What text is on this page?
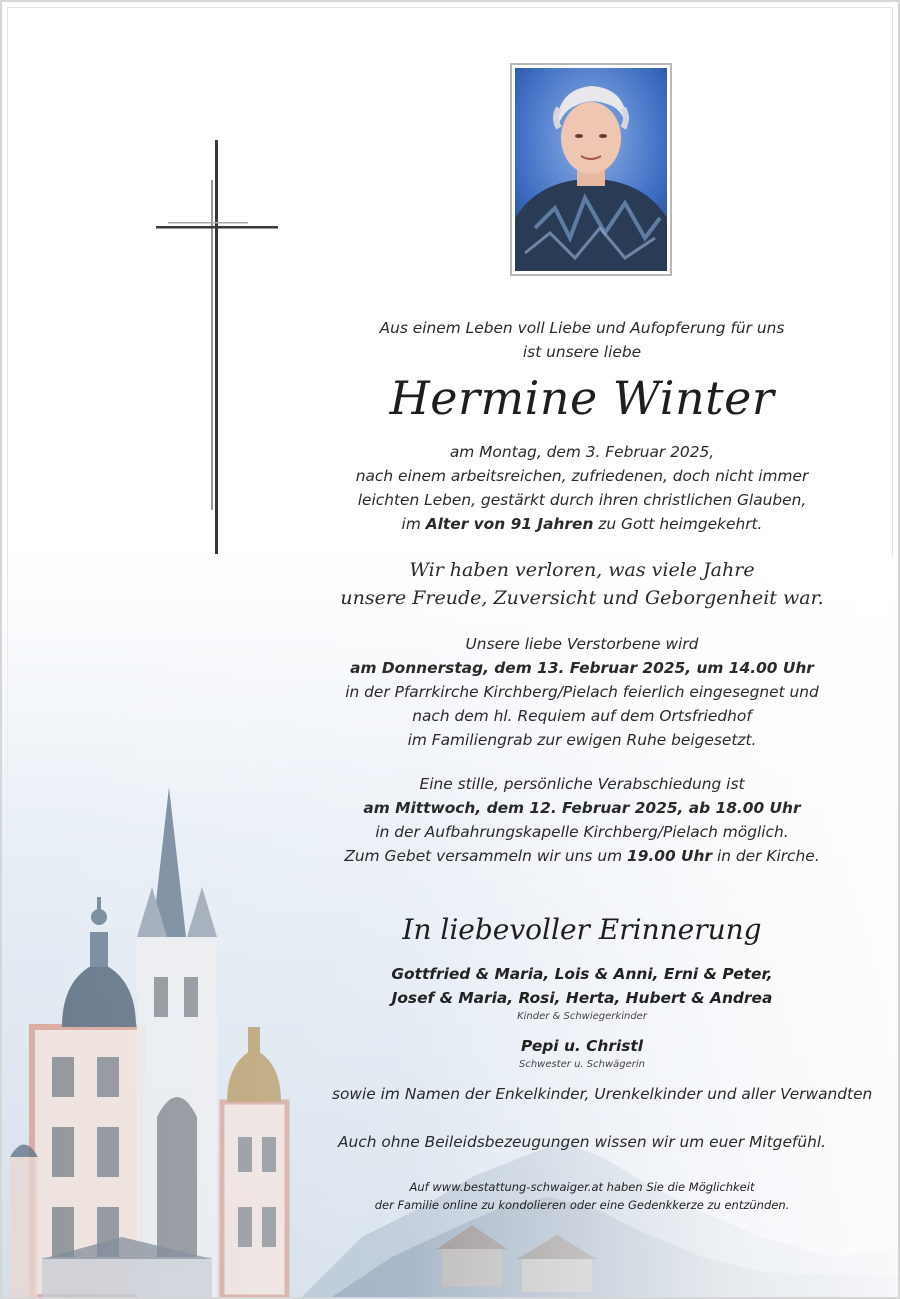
Aus einem Leben voll Liebe und Aufopferung für uns
ist unsere liebe
Hermine Winter
am Montag, dem 3. Februar 2025,
nach einem arbeitsreichen, zufriedenen, doch nicht immer
leichten Leben, gestärkt durch ihren christlichen Glauben,
im Alter von 91 Jahren zu Gott heimgekehrt.
Wir haben verloren, was viele Jahre
unsere Freude, Zuversicht und Geborgenheit war.
Unsere liebe Verstorbene wird
am Donnerstag, dem 13. Februar 2025, um 14.00 Uhr
in der Pfarrkirche Kirchberg/Pielach feierlich eingesegnet und
nach dem hl. Requiem auf dem Ortsfriedhof
im Familiengrab zur ewigen Ruhe beigesetzt.
Eine stille, persönliche Verabschiedung ist
am Mittwoch, dem 12. Februar 2025, ab 18.00 Uhr
in der Aufbahrungskapelle Kirchberg/Pielach möglich.
Zum Gebet versammeln wir uns um 19.00 Uhr in der Kirche.
In liebevoller Erinnerung
Gottfried & Maria, Lois & Anni, Erni & Peter,
Josef & Maria, Rosi, Herta, Hubert & Andrea
Kinder & Schwiegerkinder
Pepi u. Christl
Schwester u. Schwägerin
sowie im Namen der Enkelkinder, Urenkelkinder und aller Verwandten
Auch ohne Beileidsbezeugungen wissen wir um euer Mitgefühl.
Auf www.bestattung-schwaiger.at haben Sie die Möglichkeit
der Familie online zu kondolieren oder eine Gedenkkerze zu entzünden.
